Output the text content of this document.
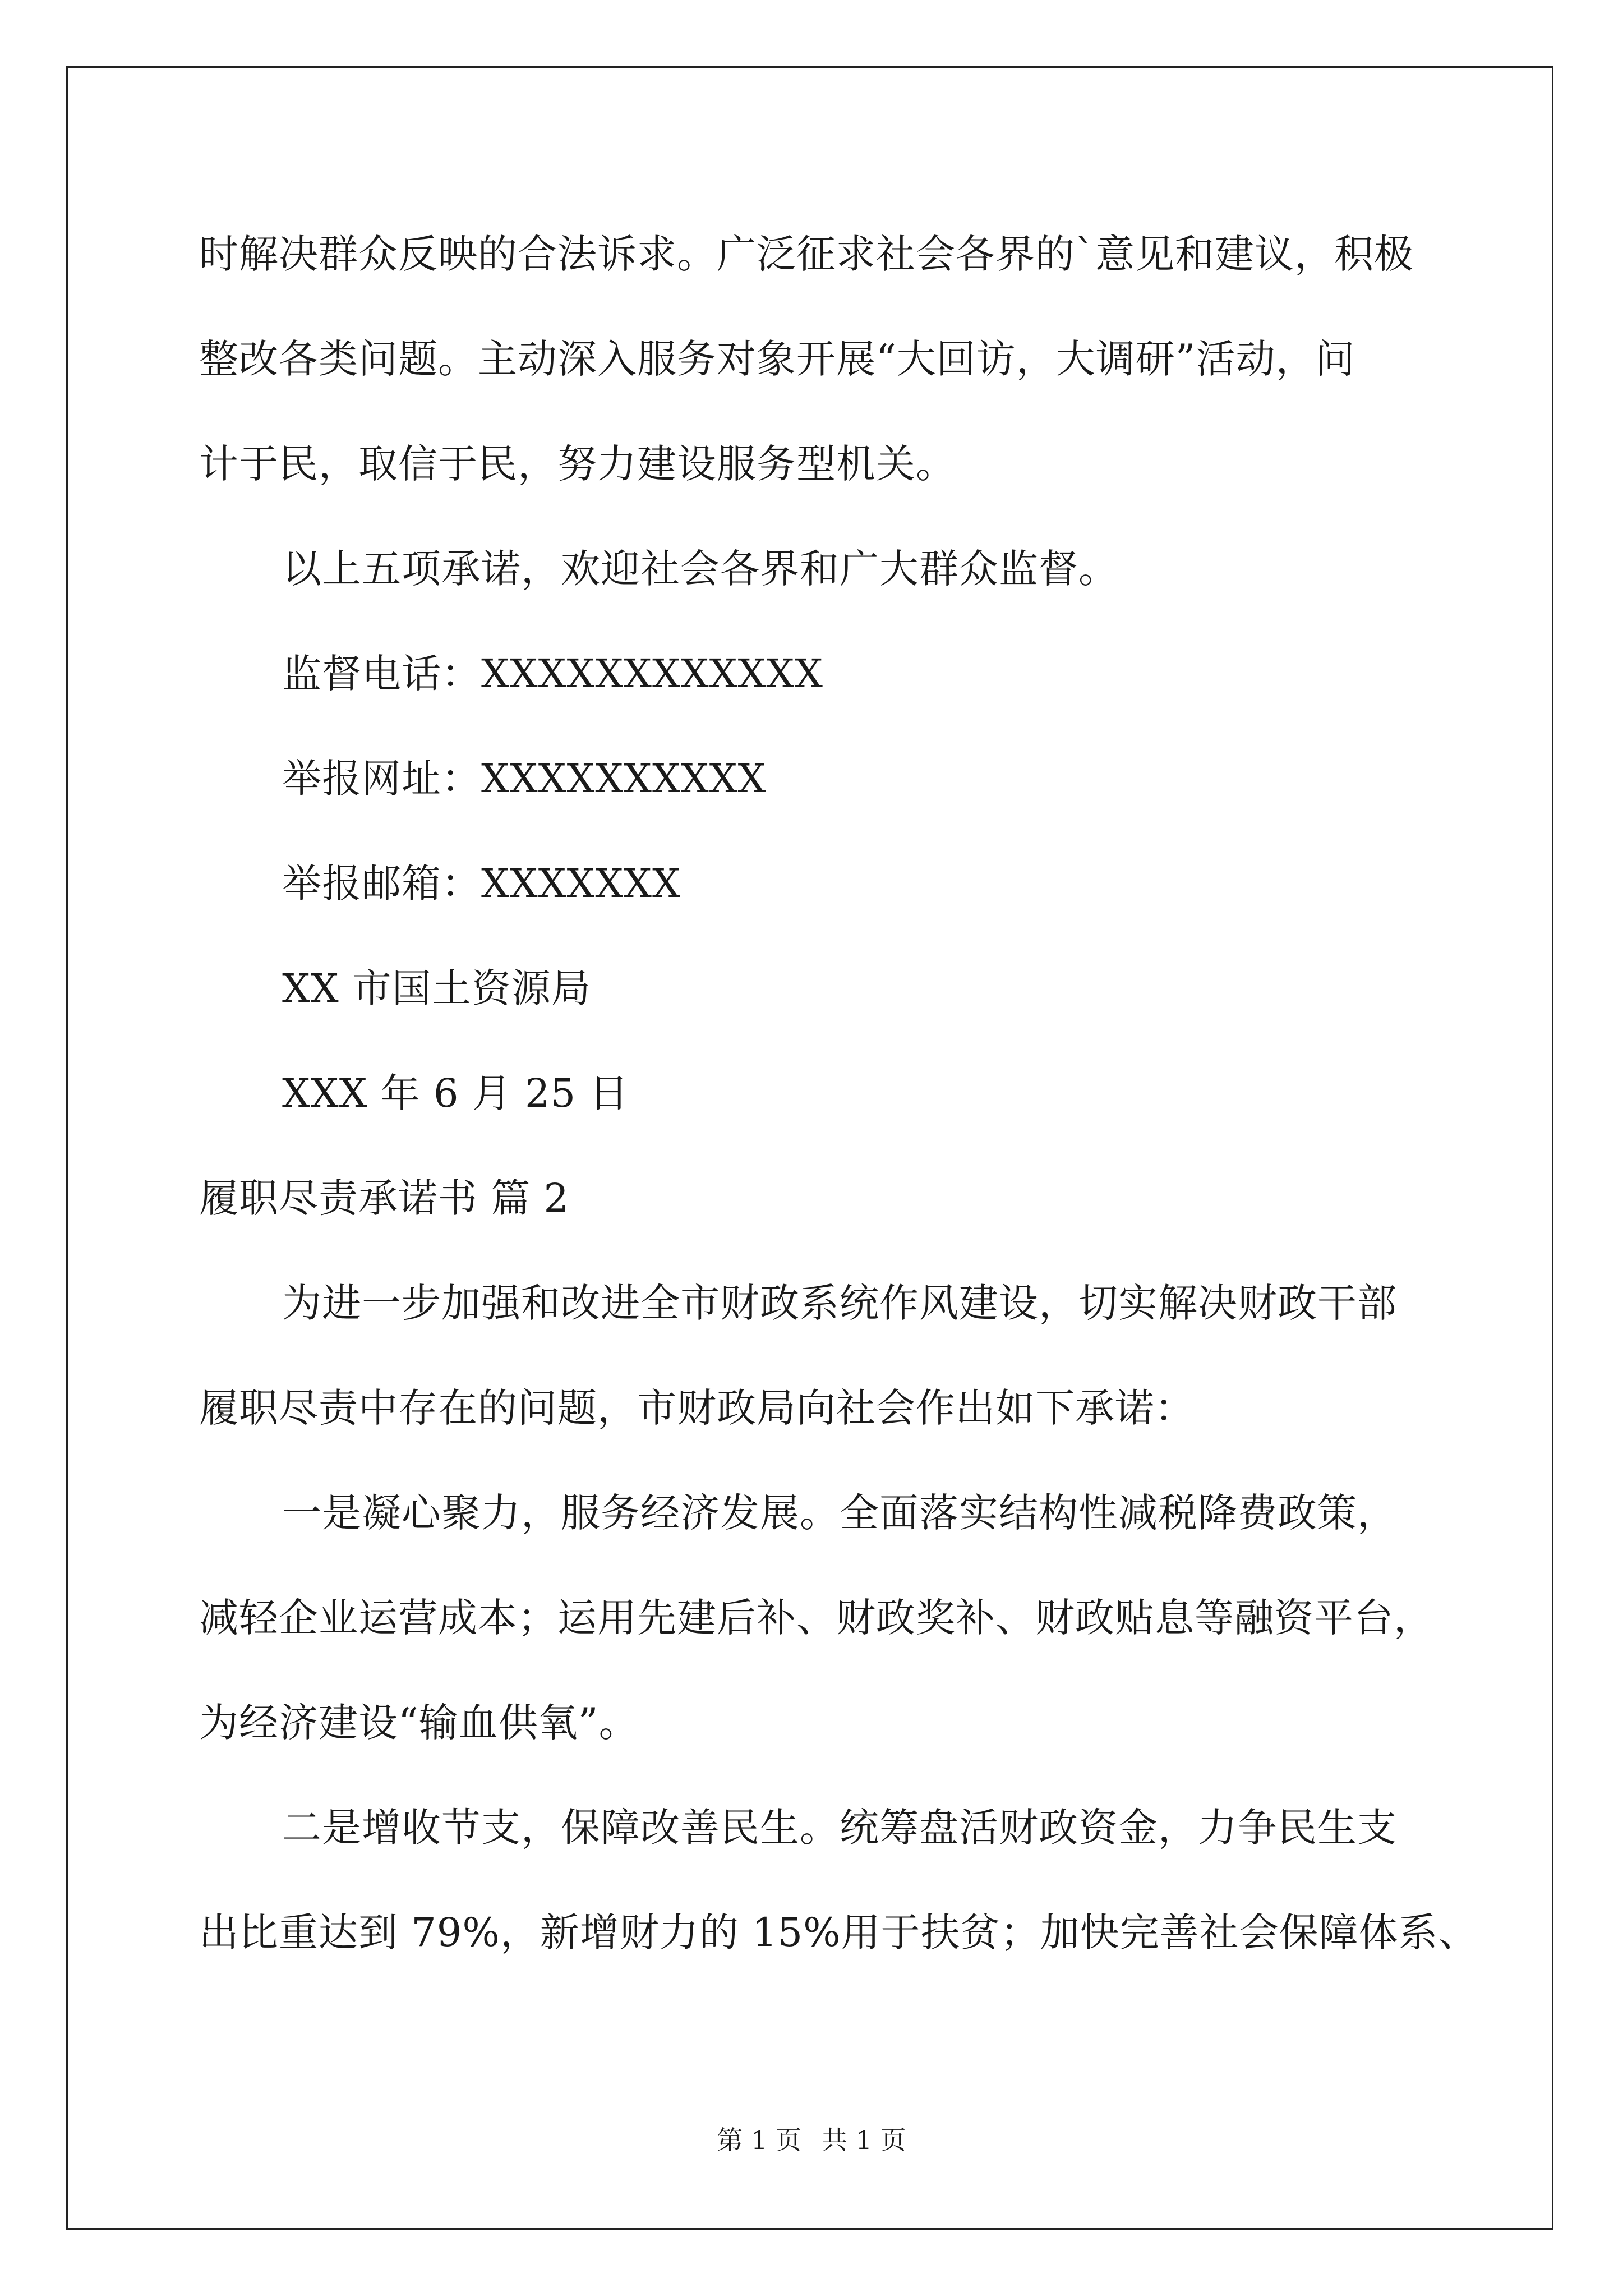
时解决群众反映的合法诉求。广泛征求社会各界的`意见和建议，积极
整改各类问题。主动深入服务对象开展“大回访，大调研”活动，问
计于民，取信于民，努力建设服务型机关。
以上五项承诺，欢迎社会各界和广大群众监督。
监督电话：XXXXXXXXXXXX
举报网址：XXXXXXXXXX
举报邮箱：XXXXXXX
XX 市国土资源局
XXX 年 6 月 25 日
履职尽责承诺书 篇 2
为进一步加强和改进全市财政系统作风建设，切实解决财政干部
履职尽责中存在的问题，市财政局向社会作出如下承诺：
一是凝心聚力，服务经济发展。全面落实结构性减税降费政策，
减轻企业运营成本；运用先建后补、财政奖补、财政贴息等融资平台，
为经济建设“输血供氧”。
二是增收节支，保障改善民生。统筹盘活财政资金，力争民生支
出比重达到 79%，新增财力的 15%用于扶贫；加快完善社会保障体系、
第 1 页 共 1 页
